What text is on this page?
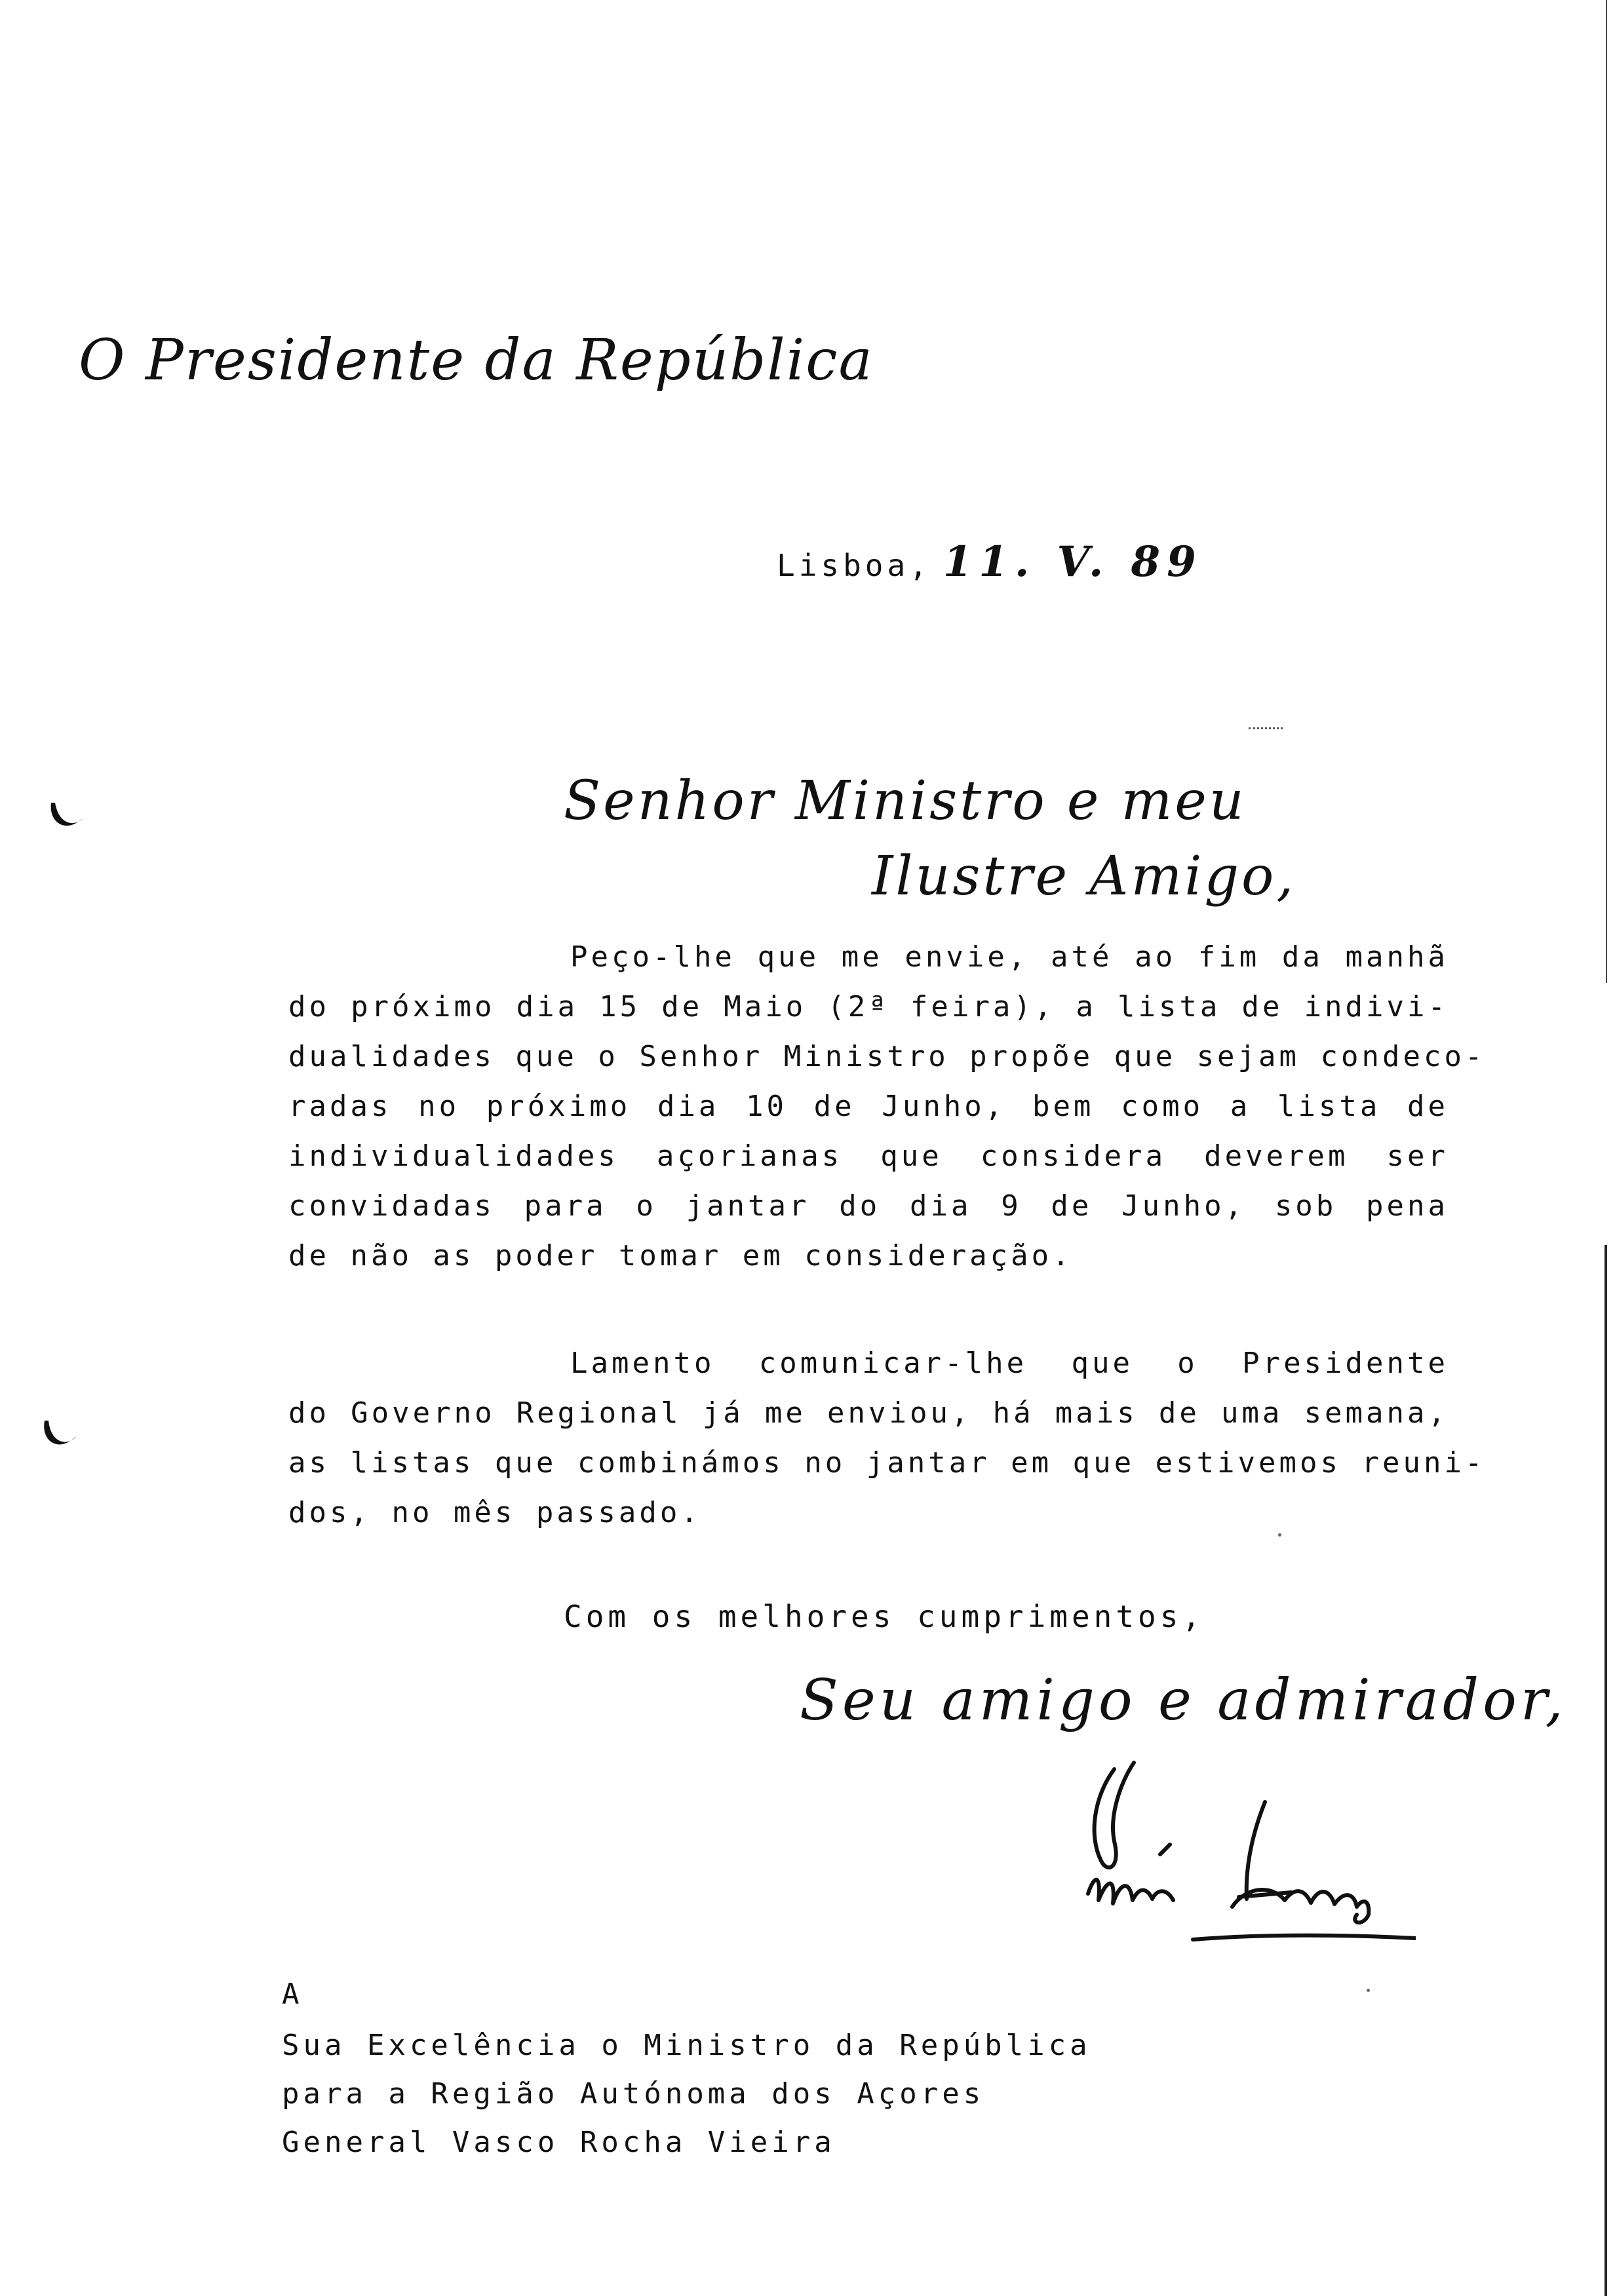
O Presidente da República
Lisboa, 11. V. 89
Senhor Ministro e meu
Ilustre Amigo,
Peço-lhe que me envie, até ao fim da manhã
do próximo dia 15 de Maio (2ª feira), a lista de indivi-
dualidades que o Senhor Ministro propõe que sejam condeco-
radas no próximo dia 10 de Junho, bem como a lista de
individualidades açorianas que considera deverem ser
convidadas para o jantar do dia 9 de Junho, sob pena
de não as poder tomar em consideração.
Lamento comunicar-lhe que o Presidente
do Governo Regional já me enviou, há mais de uma semana,
as listas que combinámos no jantar em que estivemos reuni-
dos, no mês passado.
Com os melhores cumprimentos,
Seu amigo e admirador,
A
Sua Excelência o Ministro da República
para a Região Autónoma dos Açores
General Vasco Rocha Vieira
